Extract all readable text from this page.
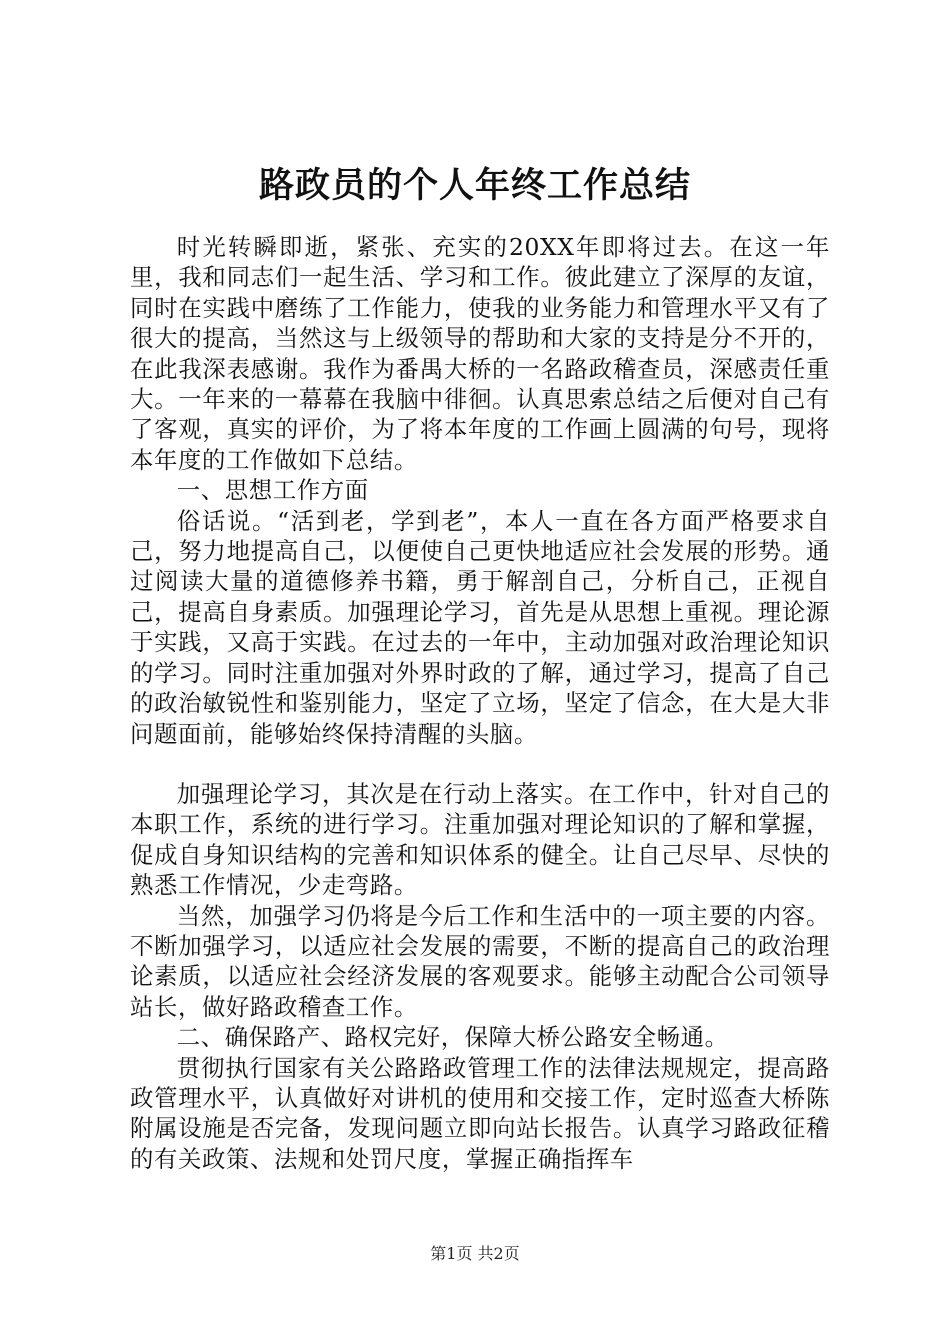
路政员的个人年终工作总结

时光转瞬即逝，紧张、充实的20XX年即将过去。在这一年里，我和同志们一起生活、学习和工作。彼此建立了深厚的友谊，同时在实践中磨练了工作能力，使我的业务能力和管理水平又有了很大的提高，当然这与上级领导的帮助和大家的支持是分不开的，在此我深表感谢。我作为番禺大桥的一名路政稽查员，深感责任重大。一年来的一幕幕在我脑中徘徊。认真思索总结之后便对自己有了客观，真实的评价，为了将本年度的工作画上圆满的句号，现将本年度的工作做如下总结。

一、思想工作方面

俗话说。“活到老，学到老”，本人一直在各方面严格要求自己，努力地提高自己，以便使自己更快地适应社会发展的形势。通过阅读大量的道德修养书籍，勇于解剖自己，分析自己，正视自己，提高自身素质。加强理论学习，首先是从思想上重视。理论源于实践，又高于实践。在过去的一年中，主动加强对政治理论知识的学习。同时注重加强对外界时政的了解，通过学习，提高了自己的政治敏锐性和鉴别能力，坚定了立场，坚定了信念，在大是大非问题面前，能够始终保持清醒的头脑。

加强理论学习，其次是在行动上落实。在工作中，针对自己的本职工作，系统的进行学习。注重加强对理论知识的了解和掌握，促成自身知识结构的完善和知识体系的健全。让自己尽早、尽快的熟悉工作情况，少走弯路。

当然，加强学习仍将是今后工作和生活中的一项主要的内容。不断加强学习，以适应社会发展的需要，不断的提高自己的政治理论素质，以适应社会经济发展的客观要求。能够主动配合公司领导站长，做好路政稽查工作。

二、确保路产、路权完好，保障大桥公路安全畅通。

贯彻执行国家有关公路路政管理工作的法律法规规定，提高路政管理水平，认真做好对讲机的使用和交接工作，定时巡查大桥陈附属设施是否完备，发现问题立即向站长报告。认真学习路政征稽的有关政策、法规和处罚尺度，掌握正确指挥车

第1页 共2页
